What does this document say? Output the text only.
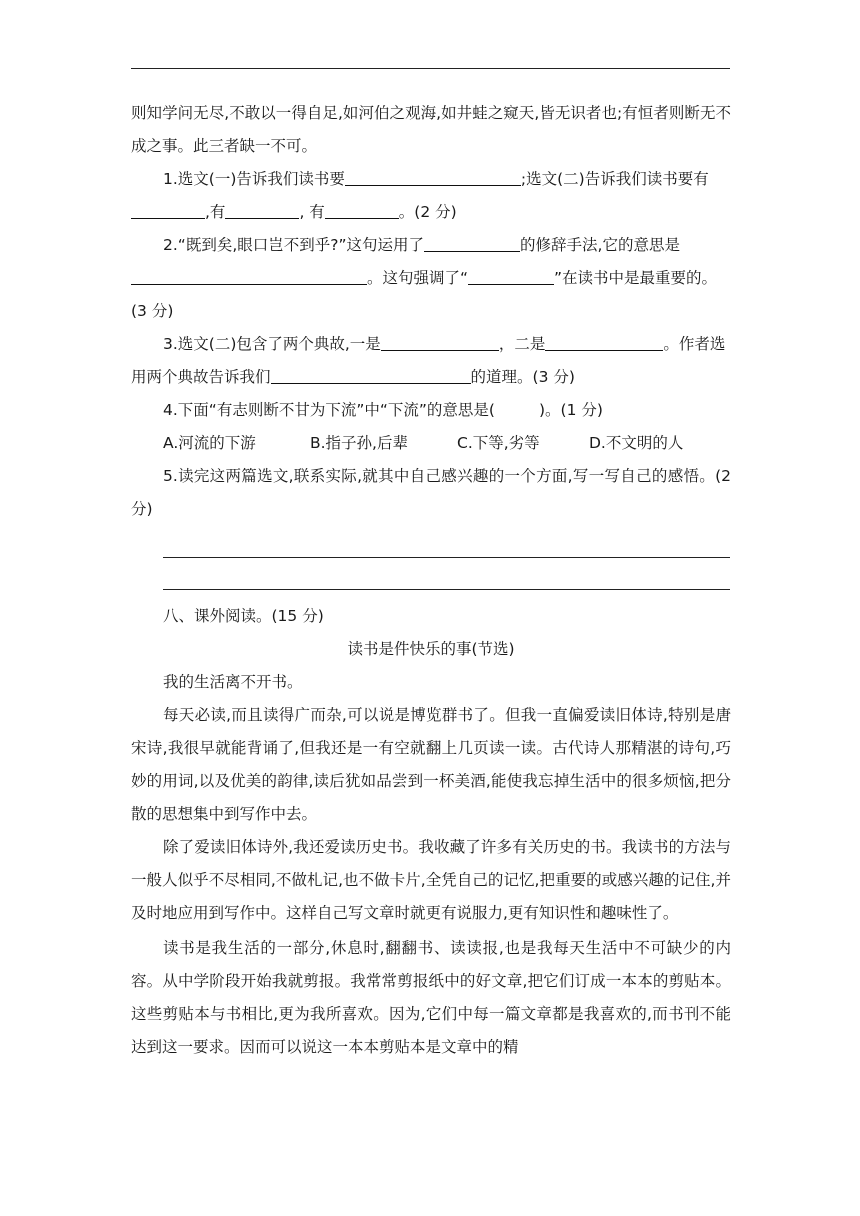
则知学问无尽,不敢以一得自足,如河伯之观海,如井蛙之窥天,皆无识者也;有恒者则断无不成之事。此三者缺一不可。

1.选文(一)告诉我们读书要	;选文(二)告诉我们读书要有,有	, 有	。(2 分)

2.“既到矣,眼口岂不到乎?”这句运用了	的修辞手法,它的意思是。这句强调了“	”在读书中是最重要的。(3 分)

3.选文(二)包含了两个典故,一是	，二是	。作者选用两个典故告诉我们	的道理。(3 分)

4.下面“有志则断不甘为下流”中“下流”的意思是(	)。(1 分)

A.河流的下游	B.指子孙,后辈	C.下等,劣等	D.不文明的人

5.读完这两篇选文,联系实际,就其中自己感兴趣的一个方面,写一写自己的感悟。(2 分)

八、课外阅读。(15 分)

读书是件快乐的事(节选)

我的生活离不开书。

每天必读,而且读得广而杂,可以说是博览群书了。但我一直偏爱读旧体诗,特别是唐宋诗,我很早就能背诵了,但我还是一有空就翻上几页读一读。古代诗人那精湛的诗句,巧妙的用词,以及优美的韵律,读后犹如品尝到一杯美酒,能使我忘掉生活中的很多烦恼,把分散的思想集中到写作中去。

除了爱读旧体诗外,我还爱读历史书。我收藏了许多有关历史的书。我读书的方法与一般人似乎不尽相同,不做札记,也不做卡片,全凭自己的记忆,把重要的或感兴趣的记住,并及时地应用到写作中。这样自己写文章时就更有说服力,更有知识性和趣味性了。

读书是我生活的一部分,休息时,翻翻书、读读报,也是我每天生活中不可缺少的内容。从中学阶段开始我就剪报。我常常剪报纸中的好文章,把它们订成一本本的剪贴本。这些剪贴本与书相比,更为我所喜欢。因为,它们中每一篇文章都是我喜欢的,而书刊不能达到这一要求。因而可以说这一本本剪贴本是文章中的精
